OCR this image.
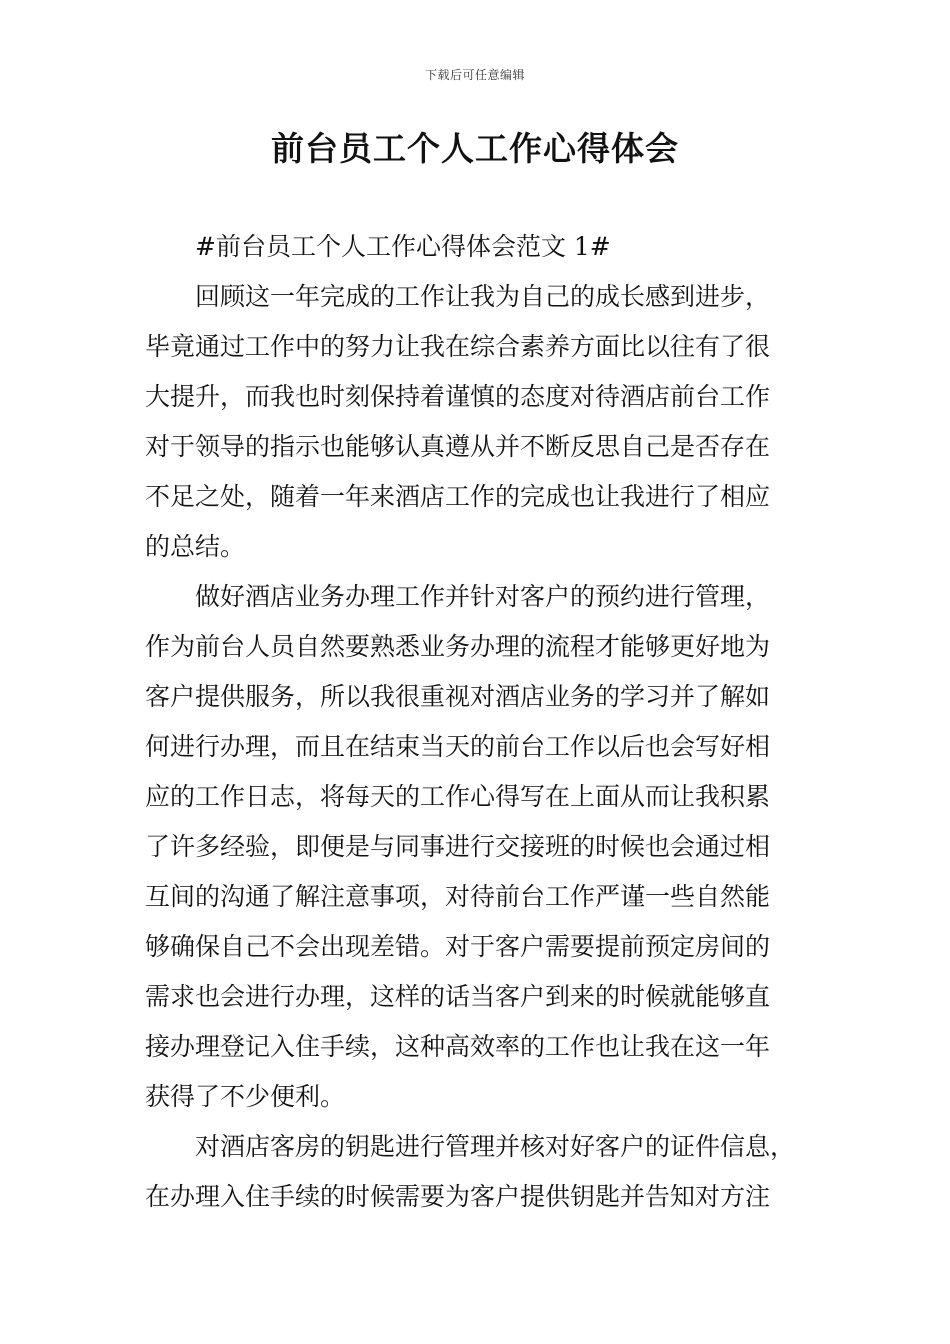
下载后可任意编辑
前台员工个人工作心得体会
#前台员工个人工作心得体会范文 1#
回顾这一年完成的工作让我为自己的成长感到进步，
毕竟通过工作中的努力让我在综合素养方面比以往有了很
大提升，而我也时刻保持着谨慎的态度对待酒店前台工作
对于领导的指示也能够认真遵从并不断反思自己是否存在
不足之处，随着一年来酒店工作的完成也让我进行了相应
的总结。
做好酒店业务办理工作并针对客户的预约进行管理，
作为前台人员自然要熟悉业务办理的流程才能够更好地为
客户提供服务，所以我很重视对酒店业务的学习并了解如
何进行办理，而且在结束当天的前台工作以后也会写好相
应的工作日志，将每天的工作心得写在上面从而让我积累
了许多经验，即便是与同事进行交接班的时候也会通过相
互间的沟通了解注意事项，对待前台工作严谨一些自然能
够确保自己不会出现差错。对于客户需要提前预定房间的
需求也会进行办理，这样的话当客户到来的时候就能够直
接办理登记入住手续，这种高效率的工作也让我在这一年
获得了不少便利。
对酒店客房的钥匙进行管理并核对好客户的证件信息，
在办理入住手续的时候需要为客户提供钥匙并告知对方注
